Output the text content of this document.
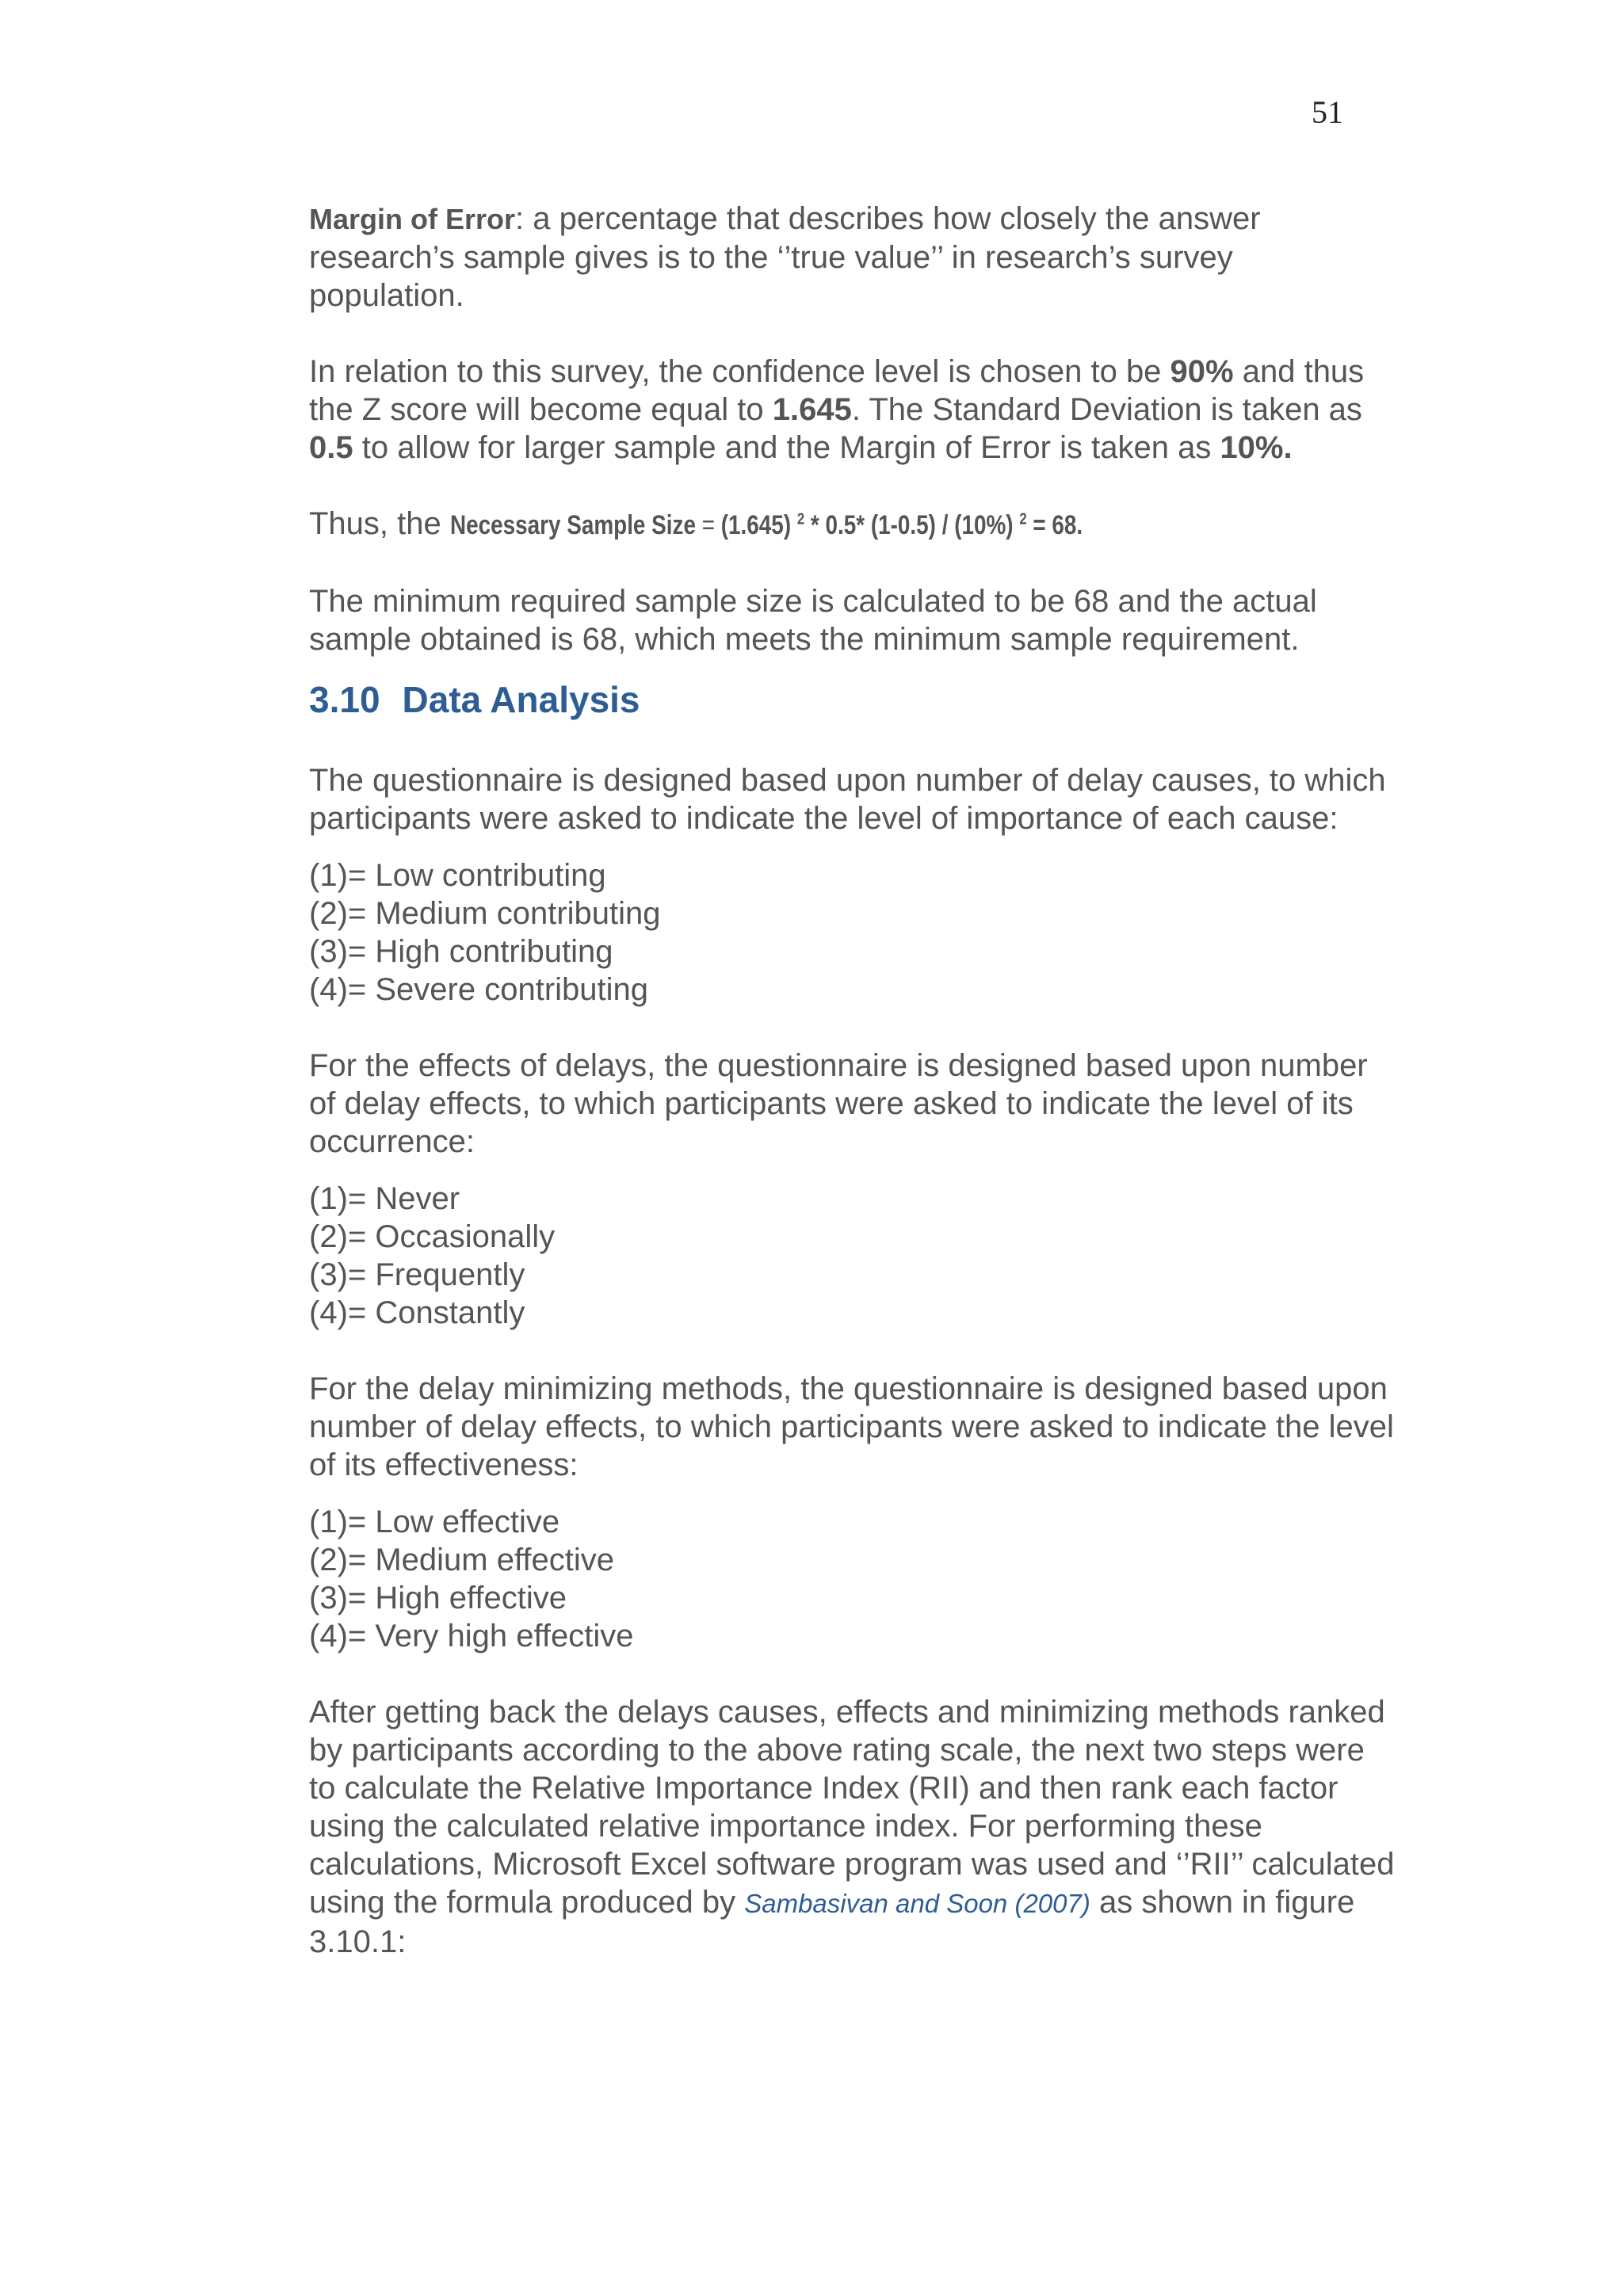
51

Margin of Error: a percentage that describes how closely the answer research’s sample gives is to the ‘’true value’’ in research’s survey population.

In relation to this survey, the confidence level is chosen to be 90% and thus the Z score will become equal to 1.645. The Standard Deviation is taken as 0.5 to allow for larger sample and the Margin of Error is taken as 10%.

Thus, the Necessary Sample Size = (1.645) $^2$ * 0.5* (1-0.5) / (10%) $^2$ = 68.

The minimum required sample size is calculated to be 68 and the actual sample obtained is 68, which meets the minimum sample requirement.

3.10 Data Analysis

The questionnaire is designed based upon number of delay causes, to which participants were asked to indicate the level of importance of each cause:

(1)= Low contributing
(2)= Medium contributing
(3)= High contributing
(4)= Severe contributing

For the effects of delays, the questionnaire is designed based upon number of delay effects, to which participants were asked to indicate the level of its occurrence:

(1)= Never
(2)= Occasionally
(3)= Frequently
(4)= Constantly

For the delay minimizing methods, the questionnaire is designed based upon number of delay effects, to which participants were asked to indicate the level of its effectiveness:

(1)= Low effective
(2)= Medium effective
(3)= High effective
(4)= Very high effective

After getting back the delays causes, effects and minimizing methods ranked by participants according to the above rating scale, the next two steps were to calculate the Relative Importance Index (RII) and then rank each factor using the calculated relative importance index. For performing these calculations, Microsoft Excel software program was used and ‘’RII’’ calculated using the formula produced by Sambasivan and Soon (2007) as shown in figure 3.10.1:
